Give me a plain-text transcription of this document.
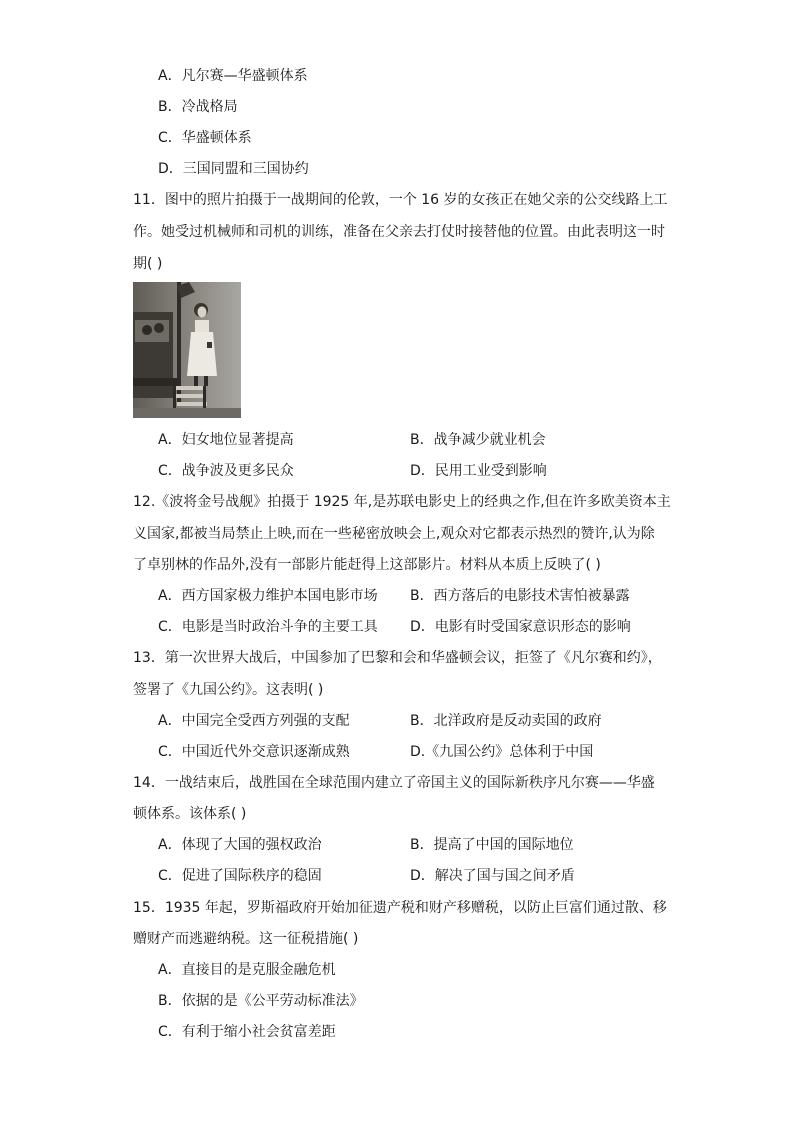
A．凡尔赛—华盛顿体系
B．冷战格局
C．华盛顿体系
D．三国同盟和三国协约
11．图中的照片拍摄于一战期间的伦敦，一个 16 岁的女孩正在她父亲的公交线路上工
作。她受过机械师和司机的训练，准备在父亲去打仗时接替他的位置。由此表明这一时
期( )
A．妇女地位显著提高	B．战争减少就业机会
C．战争波及更多民众	D．民用工业受到影响
12.《波将金号战舰》拍摄于 1925 年,是苏联电影史上的经典之作,但在许多欧美资本主
义国家,都被当局禁止上映,而在一些秘密放映会上,观众对它都表示热烈的赞许,认为除
了卓别林的作品外,没有一部影片能赶得上这部影片。材料从本质上反映了( )
A．西方国家极力维护本国电影市场 B．西方落后的电影技术害怕被暴露
C．电影是当时政治斗争的主要工具 D．电影有时受国家意识形态的影响
13．第一次世界大战后，中国参加了巴黎和会和华盛顿会议，拒签了《凡尔赛和约》，
签署了《九国公约》。这表明( )
A．中国完全受西方列强的支配	B．北洋政府是反动卖国的政府
C．中国近代外交意识逐渐成熟	D.《九国公约》总体利于中国
14．一战结束后，战胜国在全球范围内建立了帝国主义的国际新秩序凡尔赛——华盛
顿体系。该体系( )
A．体现了大国的强权政治	B．提高了中国的国际地位
C．促进了国际秩序的稳固	D．解决了国与国之间矛盾
15．1935 年起，罗斯福政府开始加征遗产税和财产移赠税，以防止巨富们通过散、移
赠财产而逃避纳税。这一征税措施( )
A．直接目的是克服金融危机
B．依据的是《公平劳动标准法》
C．有利于缩小社会贫富差距
